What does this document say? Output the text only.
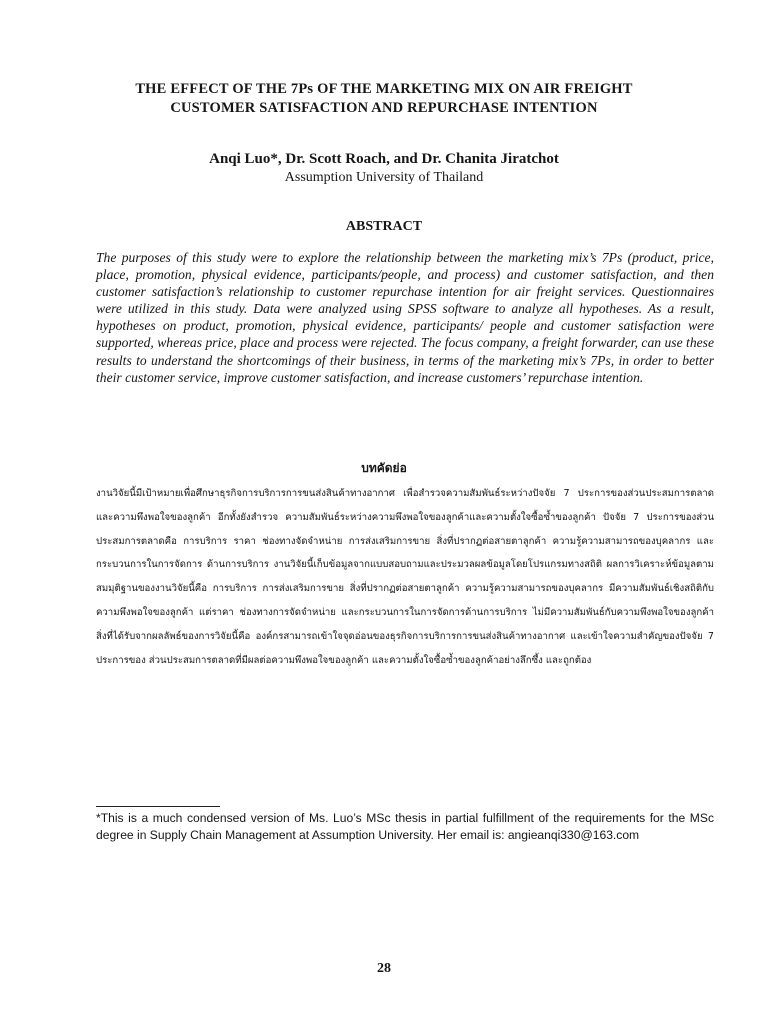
THE EFFECT OF THE 7Ps OF THE MARKETING MIX ON AIR FREIGHT
CUSTOMER SATISFACTION AND REPURCHASE INTENTION
Anqi Luo*, Dr. Scott Roach, and Dr. Chanita Jiratchot
Assumption University of Thailand
ABSTRACT

The purposes of this study were to explore the relationship between the marketing mix’s 7Ps (product, price, place, promotion, physical evidence, participants/people, and process) and customer satisfaction, and then customer satisfaction’s relationship to customer repurchase intention for air freight services. Questionnaires were utilized in this study. Data were analyzed using SPSS software to analyze all hypotheses. As a result, hypotheses on product, promotion, physical evidence, participants/ people and customer satisfaction were supported, whereas price, place and process were rejected. The focus company, a freight forwarder, can use these results to understand the shortcomings of their business, in terms of the marketing mix’s 7Ps, in order to better their customer service, improve customer satisfaction, and increase customers’ repurchase intention.

บทคัดย่อ

งานวิจัยนี้มีเป้าหมายเพื่อศึกษาธุรกิจการบริการการขนส่งสินค้าทางอากาศ เพื่อสำรวจความสัมพันธ์ระหว่างปัจจัย 7 ประการของส่วนประสมการตลาดและความพึงพอใจของลูกค้า อีกทั้งยังสำรวจ ความสัมพันธ์ระหว่างความพึงพอใจของลูกค้าและความตั้งใจซื้อซ้ำของลูกค้า ปัจจัย 7 ประการของส่วนประสมการตลาดคือ การบริการ ราคา ช่องทางจัดจำหน่าย การส่งเสริมการขาย สิ่งที่ปรากฏต่อสายตาลูกค้า ความรู้ความสามารถของบุคลากร และกระบวนการในการจัดการ ด้านการบริการ งานวิจัยนี้เก็บข้อมูลจากแบบสอบถามและประมวลผลข้อมูลโดยโปรแกรมทางสถิติ ผลการวิเคราะห์ข้อมูลตามสมมุติฐานของงานวิจัยนี้คือ การบริการ การส่งเสริมการขาย สิ่งที่ปรากฏต่อสายตาลูกค้า ความรู้ความสามารถของบุคลากร มีความสัมพันธ์เชิงสถิติกับความพึงพอใจของลูกค้า แต่ราคา ช่องทางการจัดจำหน่าย และกระบวนการในการจัดการด้านการบริการ ไม่มีความสัมพันธ์กับความพึงพอใจของลูกค้า สิ่งที่ได้รับจากผลลัพธ์ของการวิจัยนี้คือ องค์กรสามารถเข้าใจจุดอ่อนของธุรกิจการบริการการขนส่งสินค้าทางอากาศ และเข้าใจความสำคัญของปัจจัย 7 ประการของ ส่วนประสมการตลาดที่มีผลต่อความพึงพอใจของลูกค้า และความตั้งใจซื้อซ้ำของลูกค้าอย่างลึกซึ้ง และถูกต้อง

*This is a much condensed version of Ms. Luo’s MSc thesis in partial fulfillment of the requirements for the MSc degree in Supply Chain Management at Assumption University. Her email is: angieanqi330@163.com

28
